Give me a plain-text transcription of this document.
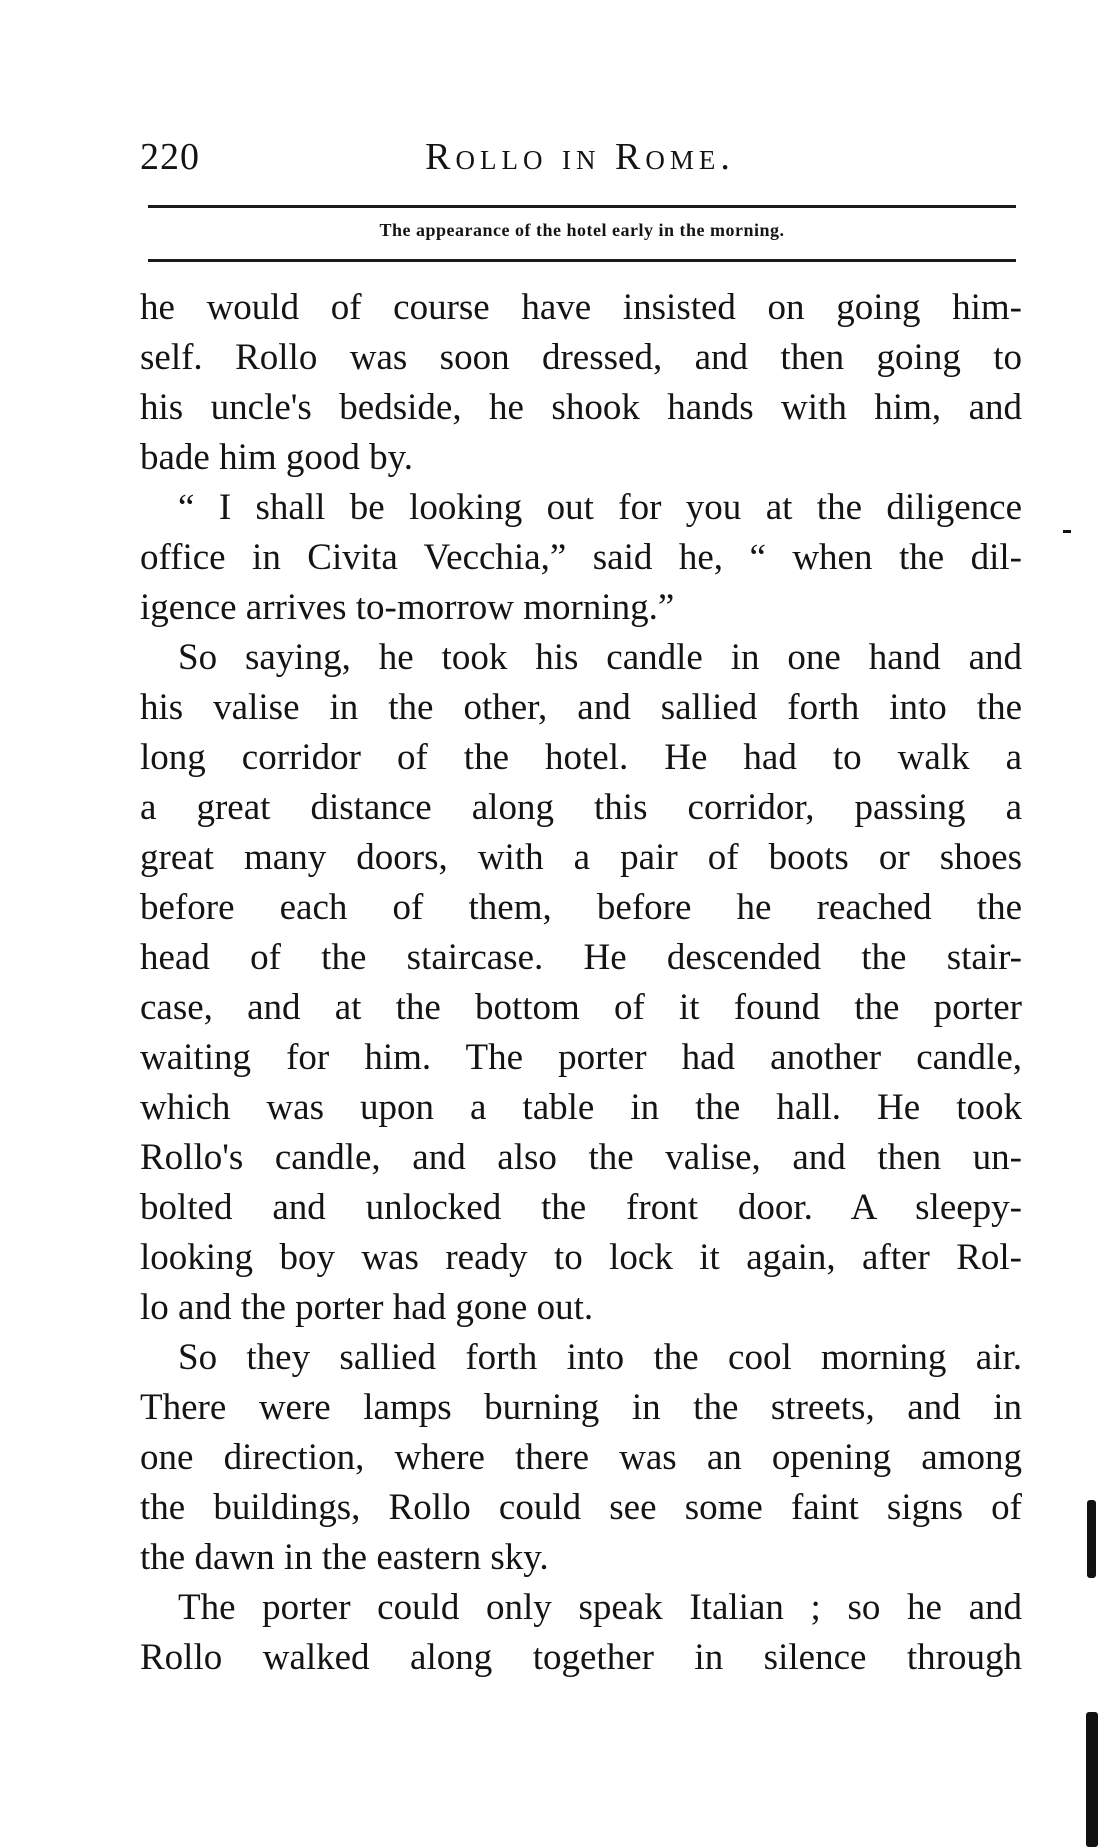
220	Rollo in Rome.
The appearance of the hotel early in the morning.
he would of course have insisted on going him-
self. Rollo was soon dressed, and then going to
his uncle's bedside, he shook hands with him, and
bade him good by.
“ I shall be looking out for you at the diligence
office in Civita Vecchia,” said he, “ when the dil-
igence arrives to-morrow morning.”
So saying, he took his candle in one hand and
his valise in the other, and sallied forth into the
long corridor of the hotel. He had to walk a
a great distance along this corridor, passing a
great many doors, with a pair of boots or shoes
before each of them, before he reached the
head of the staircase. He descended the stair-
case, and at the bottom of it found the porter
waiting for him. The porter had another candle,
which was upon a table in the hall. He took
Rollo's candle, and also the valise, and then un-
bolted and unlocked the front door. A sleepy-
looking boy was ready to lock it again, after Rol-
lo and the porter had gone out.
So they sallied forth into the cool morning air.
There were lamps burning in the streets, and in
one direction, where there was an opening among
the buildings, Rollo could see some faint signs of
the dawn in the eastern sky.
The porter could only speak Italian ; so he and
Rollo walked along together in silence through
